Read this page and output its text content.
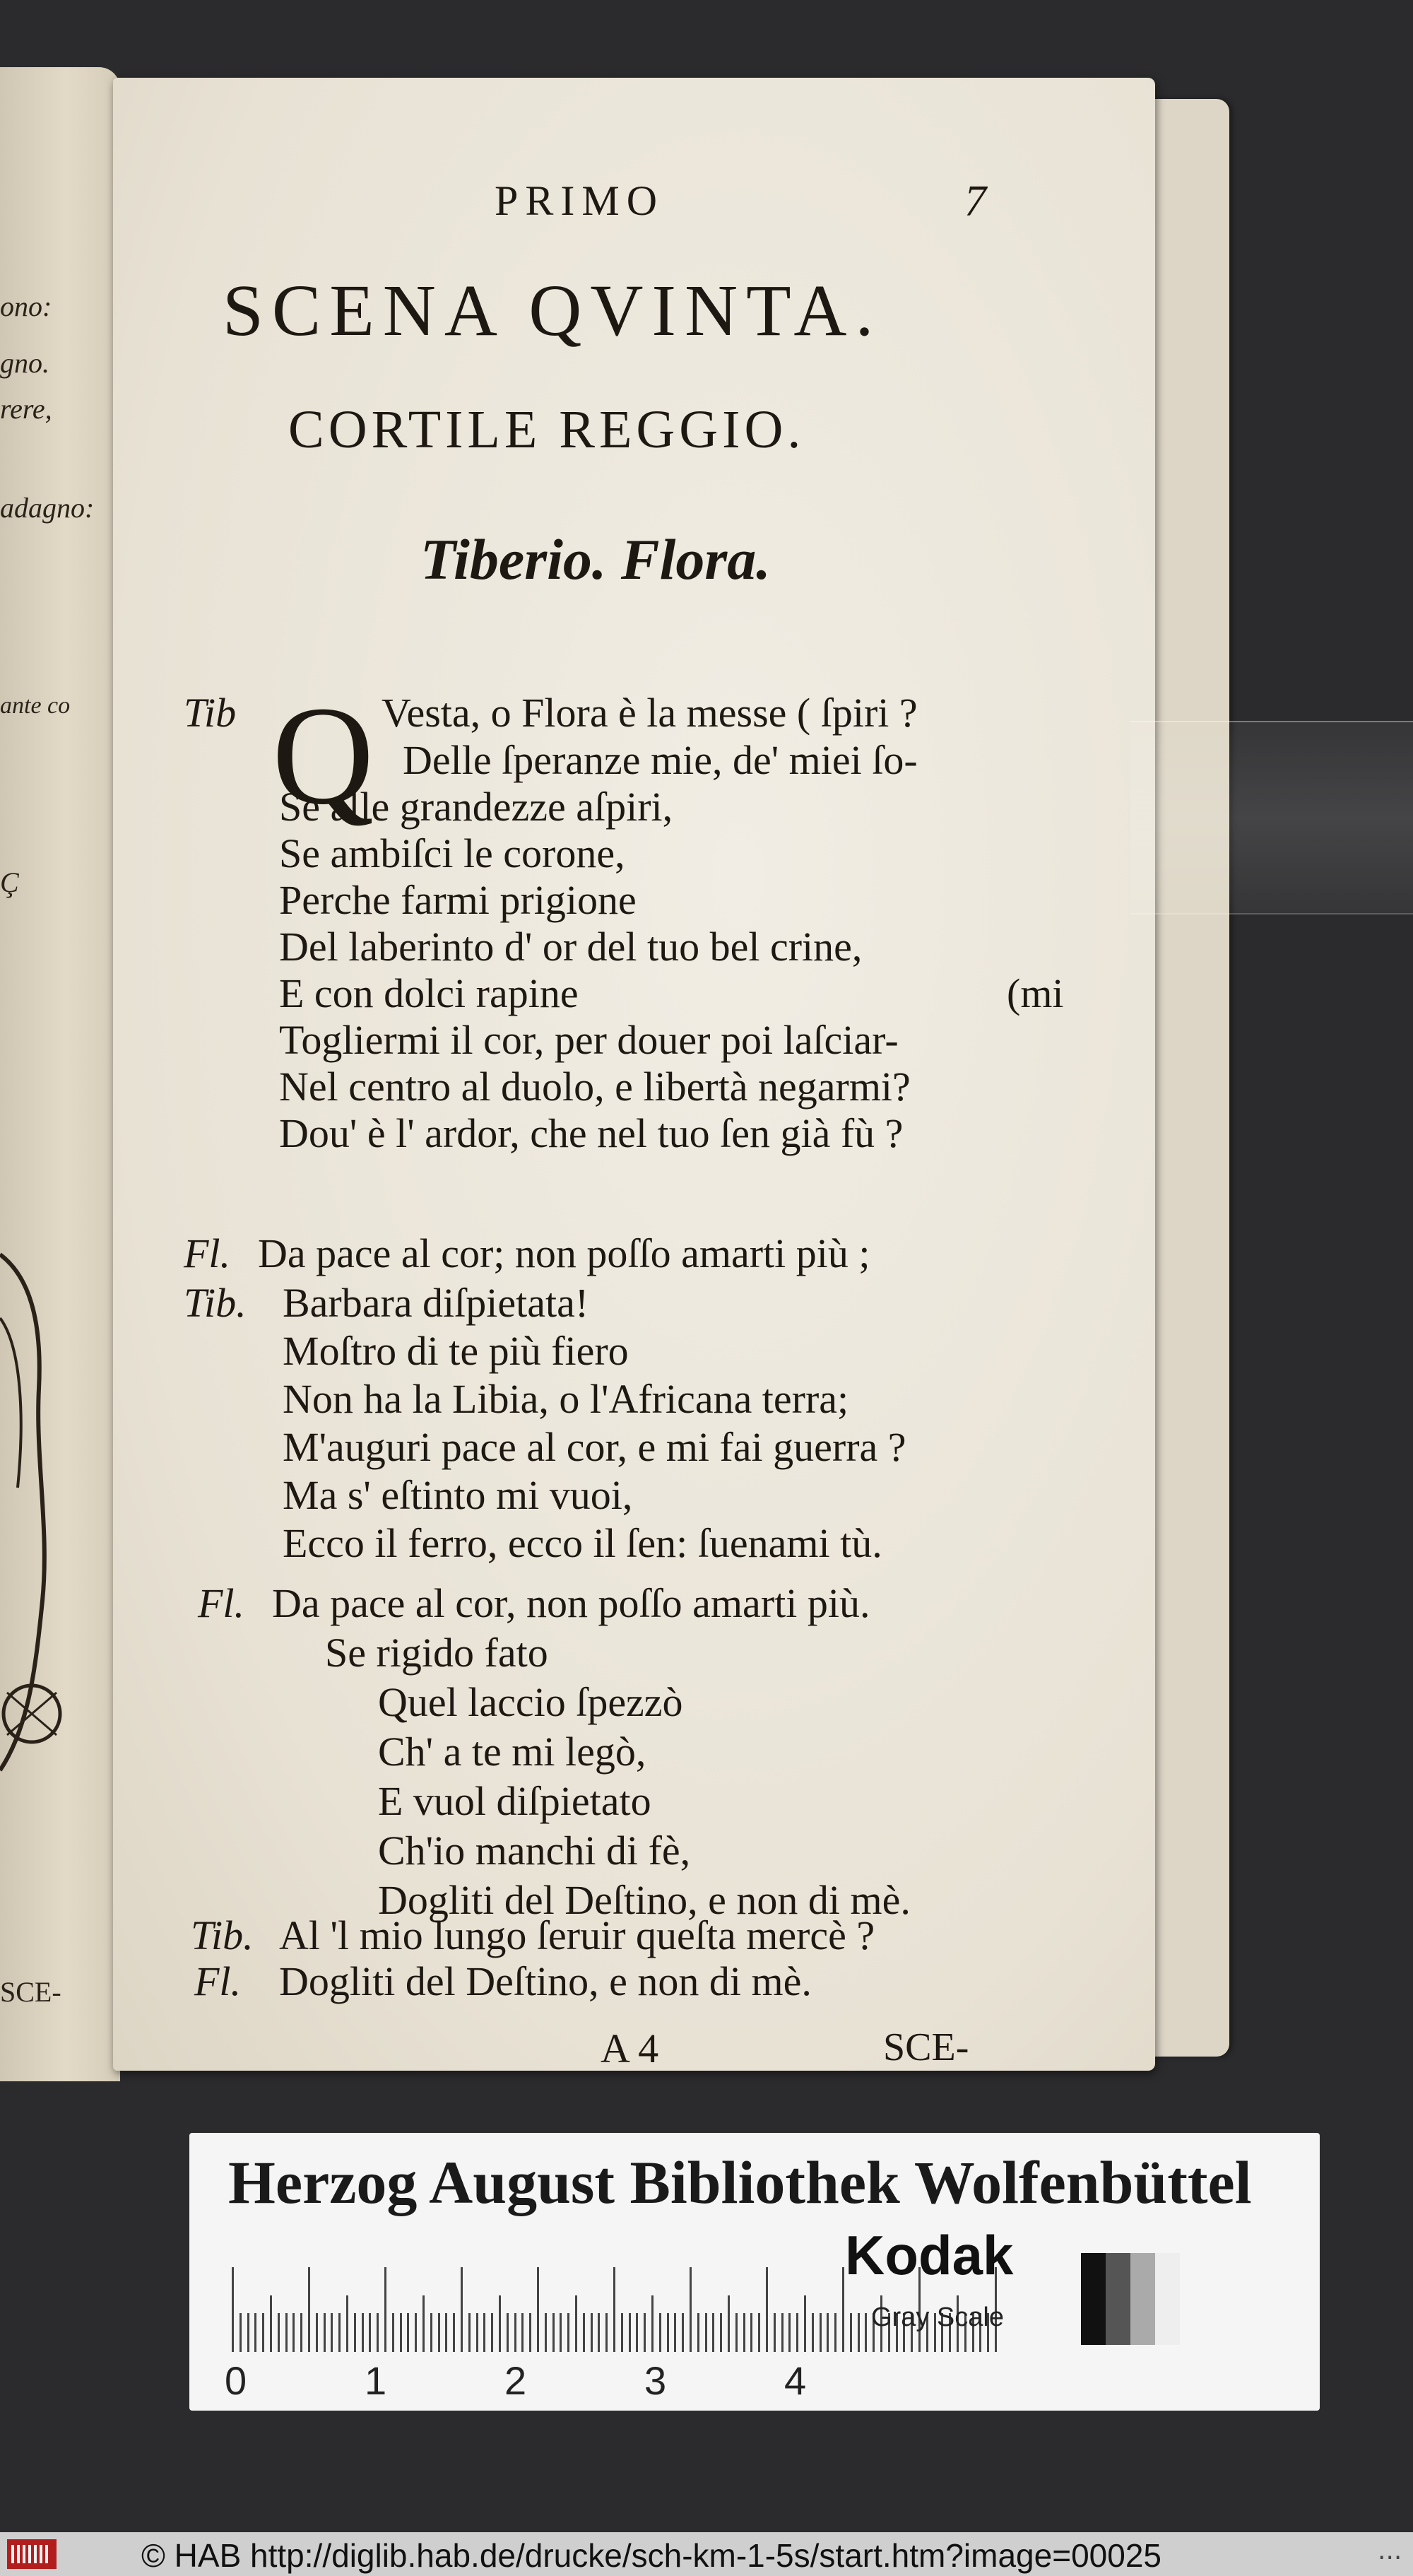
ono:
gno.
rere,
adagno:
ante co
Ç
SCE-
PRIMO	7
SCENA QVINTA.
CORTILE REGGIO.
Tiberio. Flora.
Q
Tib
Fl.
Tib.
Fl.
Tib.
Fl.
Vesta, o Flora è la messe ( ſpiri ?
Delle ſperanze mie, de' miei ſo-
Se alle grandezze aſpiri,
Se ambiſci le corone,
Perche farmi prigione
Del laberinto d' or del tuo bel crine,
E con dolci rapine	(mi
Togliermi il cor, per douer poi laſciar-
Nel centro al duolo, e libertà negarmi?
Dou' è l' ardor, che nel tuo ſen già fù ?
Da pace al cor; non poſſo amarti più ;
Barbara diſpietata!
Moſtro di te più fiero
Non ha la Libia, o l'Africana terra;
M'auguri pace al cor, e mi fai guerra ?
Ma s' eſtinto mi vuoi,
Ecco il ferro, ecco il ſen: ſuenami tù.
Da pace al cor, non poſſo amarti più.
Se rigido fato
Quel laccio ſpezzò
Ch' a te mi legò,
E vuol diſpietato
Ch'io manchi di fè,
Dogliti del Deſtino, e non di mè.
Al 'l mio lungo ſeruir queſta mercè ?
Dogliti del Deſtino, e non di mè.
A 4	SCE-
Herzog August Bibliothek Wolfenbüttel
0	1	2	3	4
Kodak
Gray Scale
© HAB http://diglib.hab.de/drucke/sch-km-1-5s/start.htm?image=00025	...
